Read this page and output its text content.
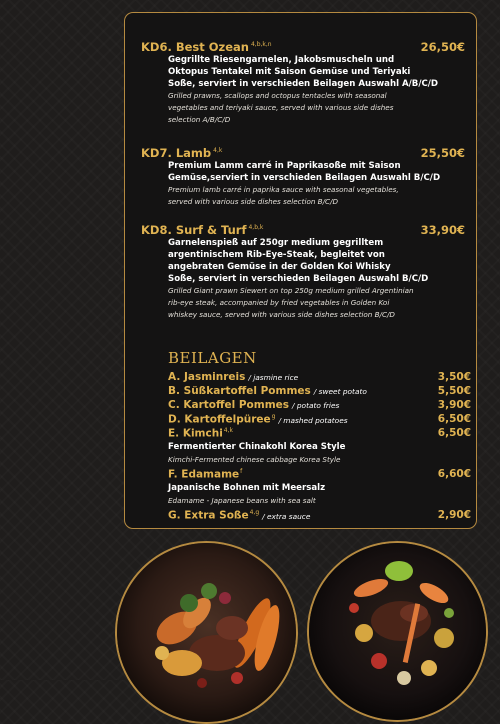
KD6. Best Ozean $^{4,b,k,n}$	26,50€
Gegrillte Riesengarnelen, Jakobsmuscheln und
Oktopus Tentakel mit Saison Gemüse und Teriyaki
Soße, serviert in verschieden Beilagen Auswahl A/B/C/D
Grilled prawns, scallops and octopus tentacles with seasonal
vegetables and teriyaki sauce, served with various side dishes
selection A/B/C/D
KD7. Lamb $^{4,k}$	25,50€
Premium Lamm carré in Paprikasoße mit Saison
Gemüse,serviert in verschieden Beilagen Auswahl B/C/D
Premium lamb carré in paprika sauce with seasonal vegetables,
served with various side dishes selection B/C/D
KD8. Surf & Turf $^{4,b,k}$	33,90€
Garnelenspieß auf 250gr medium gegrilltem
argentinischem Rib-Eye-Steak, begleitet von
angebraten Gemüse in der Golden Koi Whisky
Soße, serviert in verschieden Beilagen Auswahl B/C/D
Grilled Giant prawn Siewert on top 250g medium grilled Argentinian
rib-eye steak, accompanied by fried vegetables in Golden Koi
whiskey sauce, served with various side dishes selection B/C/D
BEILAGEN
A. Jasminreis / jasmine rice	3,50€
B. Süßkartoffel Pommes / sweet potato	5,50€
C. Kartoffel Pommes / potato fries	3,90€
D. Kartoffelpüree$^g$ / mashed potatoes	6,50€
E. Kimchi$^{4,k}$	6,50€
Fermentierter Chinakohl Korea Style
Kimchi-Fermented chinese cabbage Korea Style
F. Edamame$^f$	6,60€
Japanische Bohnen mit Meersalz
Edamame - Japanese beans with sea salt
G. Extra Soße$^{4,g}$ / extra sauce	2,90€
